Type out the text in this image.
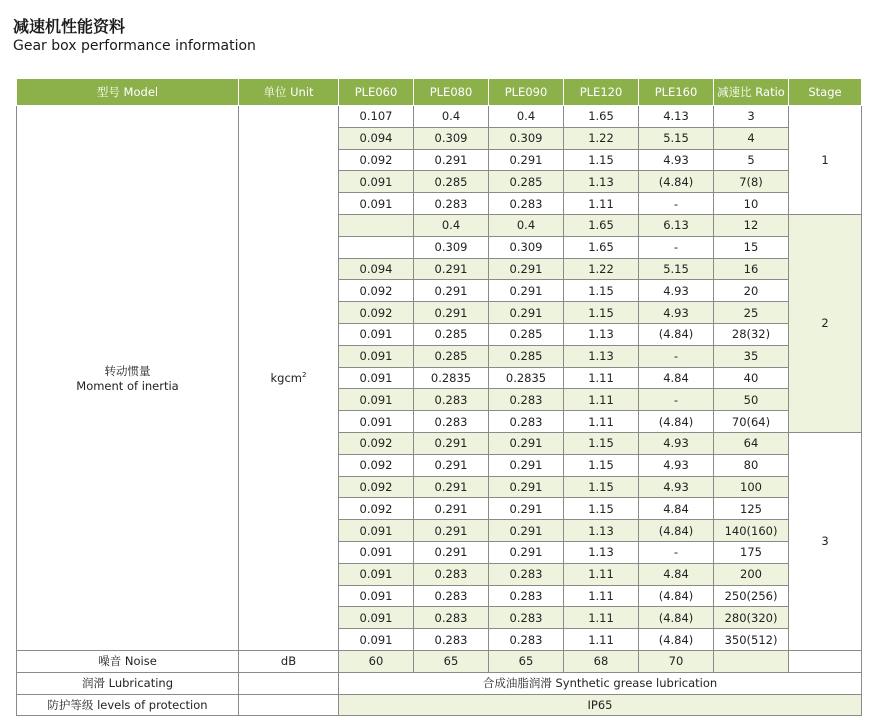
减速机性能资料
Gear box performance information
型号 Model	单位 Unit	PLE060	PLE080	PLE090	PLE120	PLE160	减速比 Ratio	Stage

转动惯量
Moment of inertia	kgcm$^2$	0.107	0.4	0.4	1.65	4.13	3	1
		0.094	0.309	0.309	1.22	5.15	4	
		0.092	0.291	0.291	1.15	4.93	5	
		0.091	0.285	0.285	1.13	(4.84)	7(8)	
		0.091	0.283	0.283	1.11	-	10	
			0.4	0.4	1.65	6.13	12	2
			0.309	0.309	1.65	-	15	
		0.094	0.291	0.291	1.22	5.15	16	
		0.092	0.291	0.291	1.15	4.93	20	
		0.092	0.291	0.291	1.15	4.93	25	
		0.091	0.285	0.285	1.13	(4.84)	28(32)	
		0.091	0.285	0.285	1.13	-	35	
		0.091	0.2835	0.2835	1.11	4.84	40	
		0.091	0.283	0.283	1.11	-	50	
		0.091	0.283	0.283	1.11	(4.84)	70(64)	
		0.092	0.291	0.291	1.15	4.93	64	3
		0.092	0.291	0.291	1.15	4.93	80	
		0.092	0.291	0.291	1.15	4.93	100	
		0.092	0.291	0.291	1.15	4.84	125	
		0.091	0.291	0.291	1.13	(4.84)	140(160)	
		0.091	0.291	0.291	1.13	-	175	
		0.091	0.283	0.283	1.11	4.84	200	
		0.091	0.283	0.283	1.11	(4.84)	250(256)	
		0.091	0.283	0.283	1.11	(4.84)	280(320)	
		0.091	0.283	0.283	1.11	(4.84)	350(512)	
噪音 Noise	dB	60	65	65	68	70		
润滑 Lubricating		合成油脂润滑 Synthetic grease lubrication						
防护等级 levels of protection		IP65						
